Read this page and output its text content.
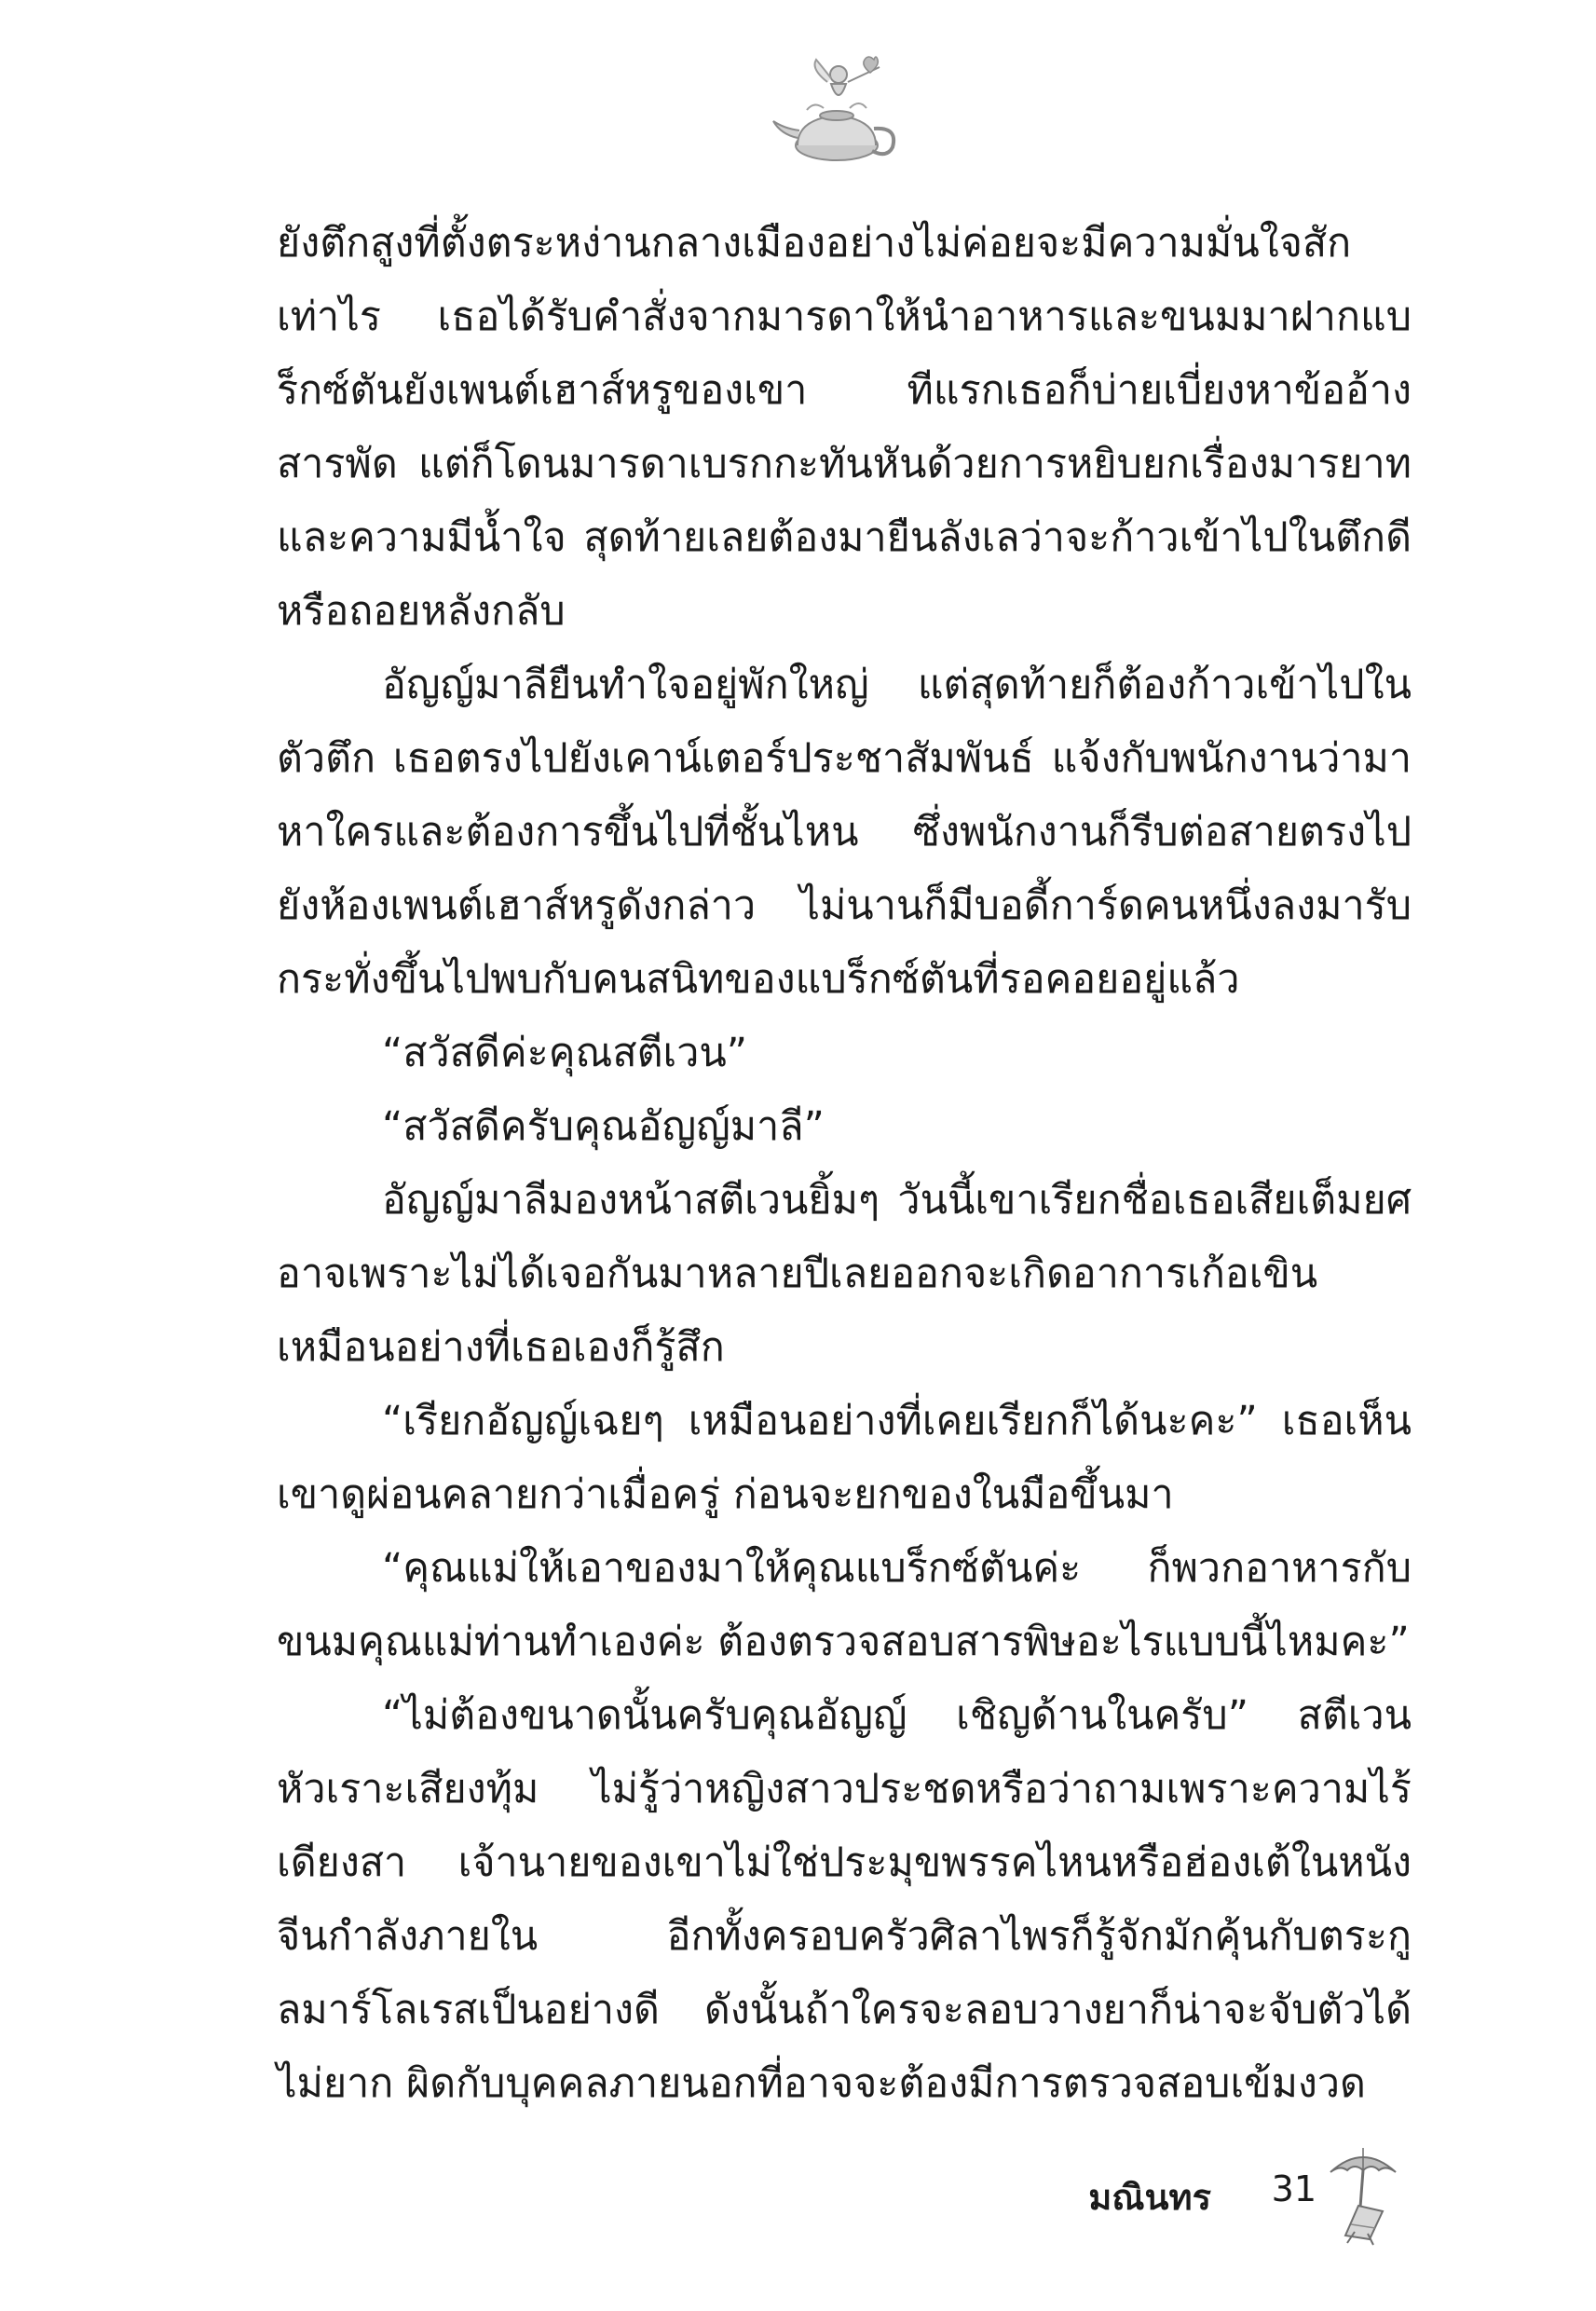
ยังตึกสูงที่ตั้งตระหง่านกลางเมืองอย่างไม่ค่อยจะมีความมั่นใจสักเท่าไร เธอได้รับคำสั่งจากมารดาให้นำอาหารและขนมมาฝากแบร็กซ์ตันยังเพนต์เฮาส์หรูของเขา ทีแรกเธอก็บ่ายเบี่ยงหาข้ออ้างสารพัด แต่ก็โดนมารดาเบรกกะทันหันด้วยการหยิบยกเรื่องมารยาทและความมีน้ำใจ สุดท้ายเลยต้องมายืนลังเลว่าจะก้าวเข้าไปในตึกดีหรือถอยหลังกลับ

อัญญ์มาลียืนทำใจอยู่พักใหญ่ แต่สุดท้ายก็ต้องก้าวเข้าไปในตัวตึก เธอตรงไปยังเคาน์เตอร์ประชาสัมพันธ์ แจ้งกับพนักงานว่ามาหาใครและต้องการขึ้นไปที่ชั้นไหน ซึ่งพนักงานก็รีบต่อสายตรงไปยังห้องเพนต์เฮาส์หรูดังกล่าว ไม่นานก็มีบอดี้การ์ดคนหนึ่งลงมารับกระทั่งขึ้นไปพบกับคนสนิทของแบร็กซ์ตันที่รอคอยอยู่แล้ว

“สวัสดีค่ะคุณสตีเวน”

“สวัสดีครับคุณอัญญ์มาลี”

อัญญ์มาลีมองหน้าสตีเวนยิ้มๆ วันนี้เขาเรียกชื่อเธอเสียเต็มยศ อาจเพราะไม่ได้เจอกันมาหลายปีเลยออกจะเกิดอาการเก้อเขิน เหมือนอย่างที่เธอเองก็รู้สึก

“เรียกอัญญ์เฉยๆ เหมือนอย่างที่เคยเรียกก็ได้นะคะ” เธอเห็นเขาดูผ่อนคลายกว่าเมื่อครู่ ก่อนจะยกของในมือขึ้นมา

“คุณแม่ให้เอาของมาให้คุณแบร็กซ์ตันค่ะ ก็พวกอาหารกับขนมคุณแม่ท่านทำเองค่ะ ต้องตรวจสอบสารพิษอะไรแบบนี้ไหมคะ”

“ไม่ต้องขนาดนั้นครับคุณอัญญ์ เชิญด้านในครับ” สตีเวนหัวเราะเสียงทุ้ม ไม่รู้ว่าหญิงสาวประชดหรือว่าถามเพราะความไร้เดียงสา เจ้านายของเขาไม่ใช่ประมุขพรรคไหนหรือฮ่องเต้ในหนังจีนกำลังภายใน อีกทั้งครอบครัวศิลาไพรก็รู้จักมักคุ้นกับตระกูลมาร์โลเรสเป็นอย่างดี ดังนั้นถ้าใครจะลอบวางยาก็น่าจะจับตัวได้ไม่ยาก ผิดกับบุคคลภายนอกที่อาจจะต้องมีการตรวจสอบเข้มงวด

มณินทร 31
